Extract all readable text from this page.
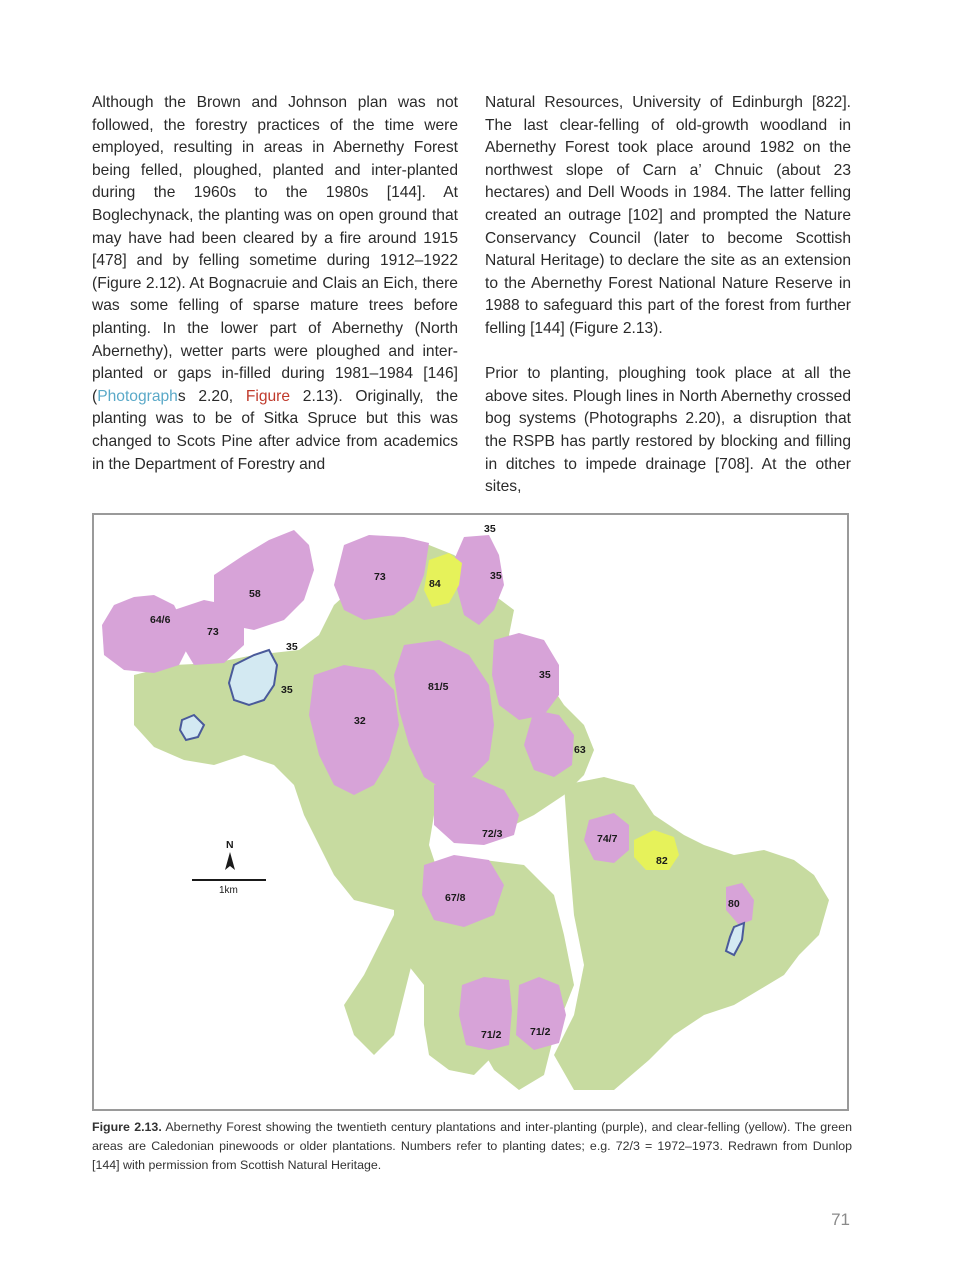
Although the Brown and Johnson plan was not followed, the forestry practices of the time were employed, resulting in areas in Abernethy Forest being felled, ploughed, planted and inter-planted during the 1960s to the 1980s [144]. At Boglechynack, the planting was on open ground that may have had been cleared by a fire around 1915 [478] and by felling sometime during 1912–1922 (Figure 2.12). At Bognacruie and Clais an Eich, there was some felling of sparse mature trees before planting. In the lower part of Abernethy (North Abernethy), wetter parts were ploughed and inter-planted or gaps in-filled during 1981–1984 [146] (Photographs 2.20, Figure 2.13). Originally, the planting was to be of Sitka Spruce but this was changed to Scots Pine after advice from academics in the Department of Forestry and

Natural Resources, University of Edinburgh [822]. The last clear-felling of old-growth woodland in Abernethy Forest took place around 1982 on the northwest slope of Carn a’ Chnuic (about 23 hectares) and Dell Woods in 1984. The latter felling created an outrage [102] and prompted the Nature Conservancy Council (later to become Scottish Natural Heritage) to declare the site as an extension to the Abernethy Forest National Nature Reserve in 1988 to safeguard this part of the forest from further felling [144] (Figure 2.13).

Prior to planting, ploughing took place at all the above sites. Plough lines in North Abernethy crossed bog systems (Photographs 2.20), a disruption that the RSPB has partly restored by blocking and filling in ditches to impede drainage [708]. At the other sites,

35
35
73
84
58
64/6
73
35
35	81/5
35
32
63
72/3	74/7
82
67/8	80
71/2	71/2
N
1km
Figure 2.13. Abernethy Forest showing the twentieth century plantations and inter-planting (purple), and clear-felling (yellow). The green areas are Caledonian pinewoods or older plantations. Numbers refer to planting dates; e.g. 72/3 = 1972–1973. Redrawn from Dunlop [144] with permission from Scottish Natural Heritage.
71
